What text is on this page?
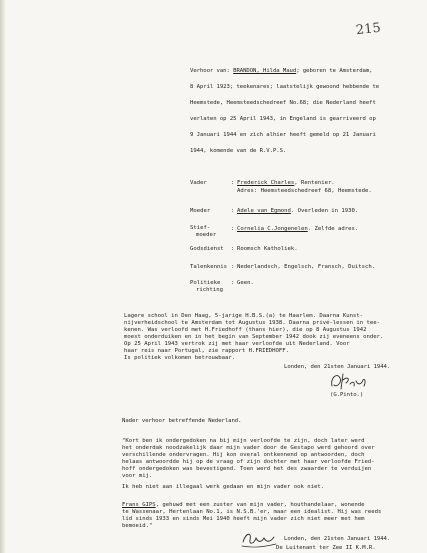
215
Verhoor van: BRANDON, Hilda Maud; geboren te Amsterdam,
8 April 1923; teekenares; laatstelijk gewoond hebbende te
Heemstede, Heemsteedschedreef No.68; die Nederland heeft
verlaten op 25 April 1943, in Engeland is gearriveerd op
9 Januari 1944 en zich alhier heeft gemeld op 21 Januari
1944, komende van de R.V.P.S.
Vader	: Frederick Charles, Rentenier.
Adres: Heemsteedschedreef 68, Heemstede.
Moeder	: Adele van Egmond. Overleden in 1930.
Stief-
moeder
: Cornelia C.Jongenelen. Zelfde adres.
Godsdienst : Roomsch Katholiek.
Talenkennis : Nederlandsch, Engelsch, Fransch, Duitsch.
Politieke
richting
: Geen.
Lagere school in Den Haag, 5-jarige H.B.S.(a) te Haarlem. Daarna Kunst-
nijverheidschool te Amsterdam tot Augustus 1938. Daarna privé-lessen in tee-
kenen. Was verloofd met H.Friedhoff (thans hier), die op 8 Augustus 1942
moest onderduiken en in het begin van September 1942 dook zij eveneens onder.
Op 25 April 1943 vertrok zij met haar verloofde uit Nederland. Voor
haar reis naar Portugal, zie rapport H.FRIEDHOFF.
Is politiek volkomen betrouwbaar.
Londen, den 21sten Januari 1944.
(G.Pinto.)
Nader verhoor betreffende Nederland.
"Kort ben ik ondergedoken na bij mijn verloofde te zijn, doch later werd
het onderdak noodzakelijk daar mijn vader door de Gestapo werd gehoord over
verschillende ondervragen. Hij kon overal ontkennend op antwoorden, doch
helaas antwoordde hij op de vraag of zijn dochter met haar verloofde Fried-
hoff ondergedoken was bevestigend. Toen werd het des zwaarder te verduijen
voor mij.
Ik heb niet aan illegaal werk gedaan en mijn vader ook niet.
Frans GIPS, gehuwd met een zuster van mijn vader, houthandelaar, wonende
te Wassenaar, Hertenlaan No.1, is N.S.B.'er, maar een idealist. Hij was reeds
lid sinds 1933 en sinds Mei 1940 heeft mijn vader zich niet meer met hem
bemoeid."
Londen, den 21sten Januari 1944.
De Luitenant ter Zee II K.M.R.
